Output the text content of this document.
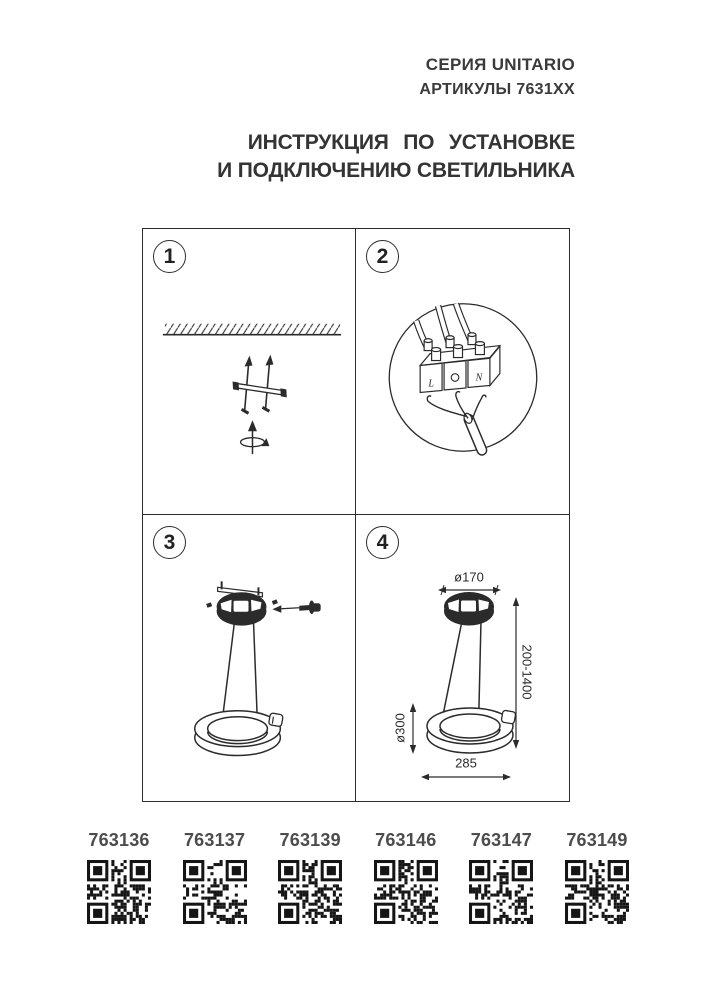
СЕРИЯ UNITARIO
АРТИКУЛЫ 7631XX
ИНСТРУКЦИЯ ПО УСТАНОВКЕ
И ПОДКЛЮЧЕНИЮ СВЕТИЛЬНИКА
1	2
L
N
3	4
ø170
200-1400
ø300
285
763136 763137 763139 763146 763147 763149
